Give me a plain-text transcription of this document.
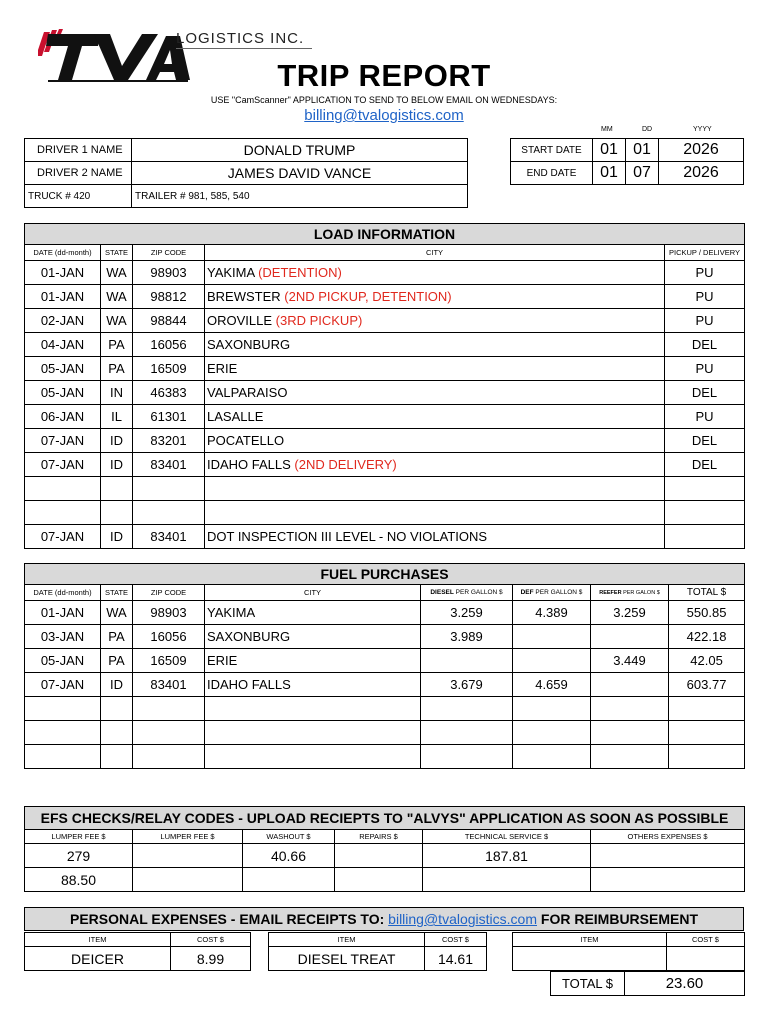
LOGISTICS INC.
TRIP REPORT
USE "CamScanner" APPLICATION TO SEND TO BELOW EMAIL ON WEDNESDAYS:
billing@tvalogistics.com
DRIVER 1 NAME	DONALD TRUMP
DRIVER 2 NAME	JAMES DAVID VANCE
TRUCK # 420	TRAILER # 981, 585, 540
MM	DD	YYYY
START DATE	01	01	2026
END DATE	01	07	2026
LOAD INFORMATION				
DATE (dd-month)	STATE	ZIP CODE	CITY	PICKUP / DELIVERY
01-JAN	WA	98903	YAKIMA (DETENTION)	PU
01-JAN	WA	98812	BREWSTER (2ND PICKUP, DETENTION)	PU
02-JAN	WA	98844	OROVILLE (3RD PICKUP)	PU
04-JAN	PA	16056	SAXONBURG	DEL
05-JAN	PA	16509	ERIE	PU
05-JAN	IN	46383	VALPARAISO	DEL
06-JAN	IL	61301	LASALLE	PU
07-JAN	ID	83201	POCATELLO	DEL
07-JAN	ID	83401	IDAHO FALLS (2ND DELIVERY)	DEL

07-JAN	ID	83401	DOT INSPECTION III LEVEL - NO VIOLATIONS	
FUEL PURCHASES							
DATE (dd-month)	STATE	ZIP CODE	CITY	DIESEL PER GALLON $	DEF PER GALLON $	REEFER PER GALON $	TOTAL $
01-JAN	WA	98903	YAKIMA	3.259	4.389	3.259	550.85
03-JAN	PA	16056	SAXONBURG	3.989			422.18
05-JAN	PA	16509	ERIE			3.449	42.05
07-JAN	ID	83401	IDAHO FALLS	3.679	4.659		603.77

EFS CHECKS/RELAY CODES - UPLOAD RECIEPTS TO "ALVYS" APPLICATION AS SOON AS POSSIBLE					
LUMPER FEE $	LUMPER FEE $	WASHOUT $	REPAIRS $	TECHNICAL SERVICE $	OTHERS EXPENSES $
279		40.66		187.81	
88.50					
PERSONAL EXPENSES - EMAIL RECEIPTS TO: billing@tvalogistics.com FOR REIMBURSEMENT
ITEM	COST $
DEICER	8.99
ITEM	COST $
DIESEL TREAT	14.61
ITEM	COST $

TOTAL $	23.60
